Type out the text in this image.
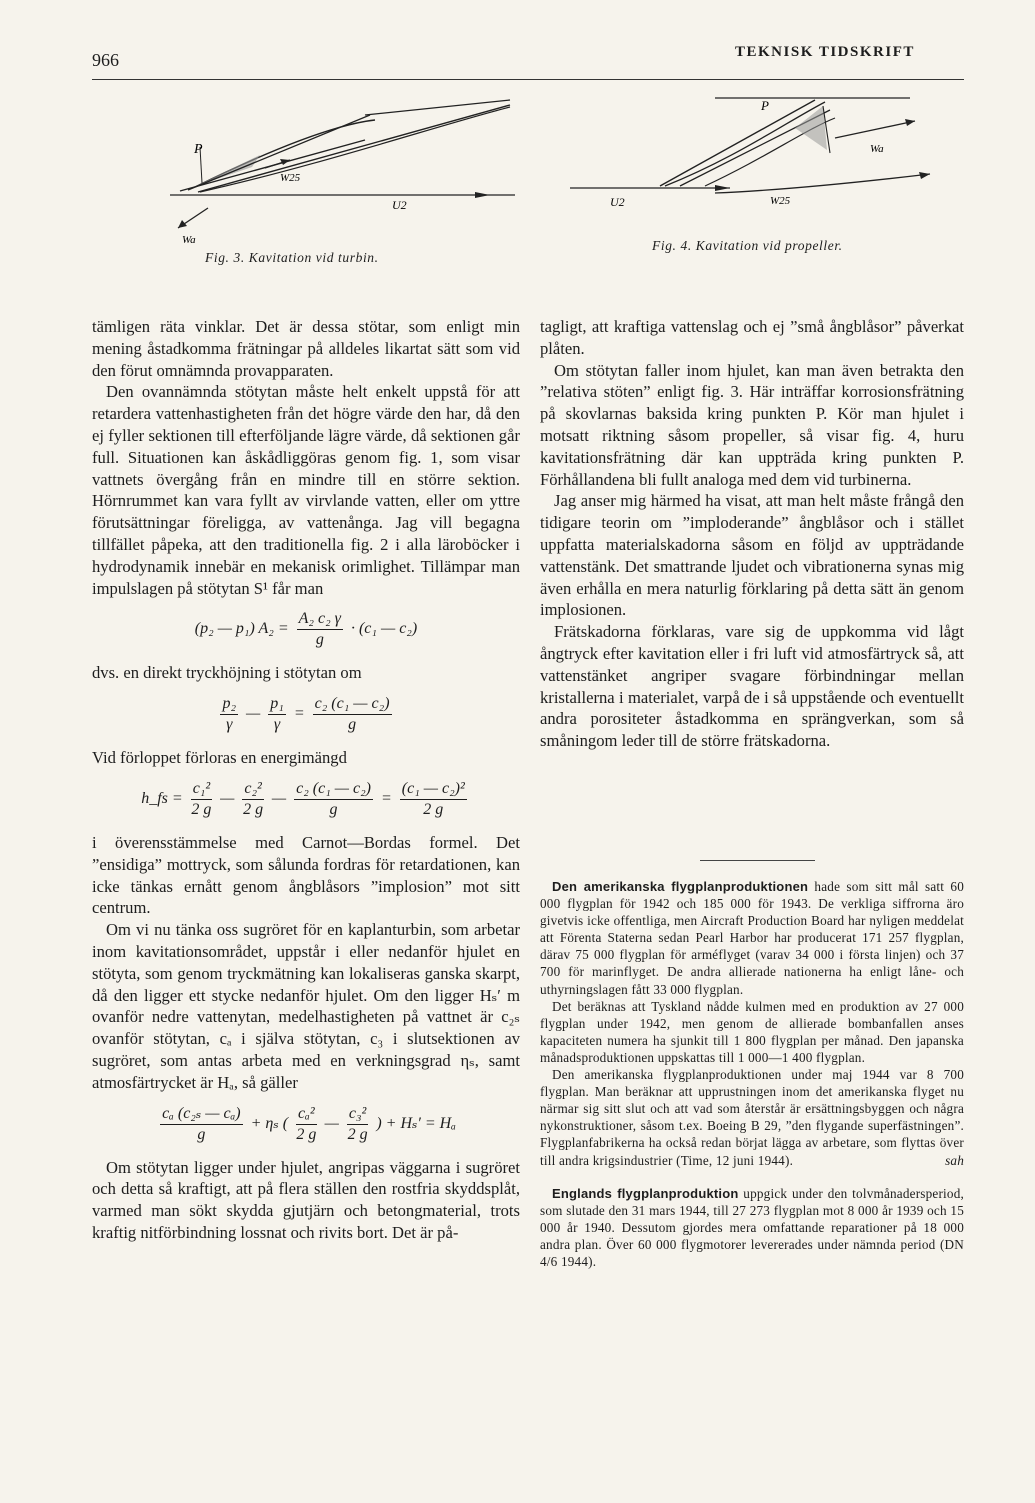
966	TEKNISK TIDSKRIFT
P
W25
U2
Wa
Fig. 3. Kavitation vid turbin.
P
Wa
U2	W25
Fig. 4. Kavitation vid propeller.

tämligen räta vinklar. Det är dessa stötar, som enligt min mening åstadkomma frätningar på alldeles likartat sätt som vid den förut omnämnda provapparaten.

Den ovannämnda stötytan måste helt enkelt uppstå för att retardera vattenhastigheten från det högre värde den har, då den ej fyller sektionen till efterföljande lägre värde, då sektionen går full. Situationen kan åskådliggöras genom fig. 1, som visar vattnets övergång från en mindre till en större sektion. Hörnrummet kan vara fyllt av virvlande vatten, eller om yttre förutsättningar föreligga, av vattenånga. Jag vill begagna tillfället påpeka, att den traditionella fig. 2 i alla läroböcker i hydrodynamik innebär en mekanisk orimlighet. Tillämpar man impulslagen på stötytan S¹ får man

(p₂ — p₁) $A_2 = \frac{\text{A₂ c₂ γ}}{g} \cdot (c_1$ — c₂)

dvs. en direkt tryckhöjning i stötytan om

$\frac{\text{p₂}}{\gamma}$ — $\frac{\text{p₁}}{\gamma} = \frac{\text{c₂ (c₁ — c₂)}}{g}$

Vid förloppet förloras en energimängd

h_fs = $\frac{\text{c₁²}}{2 g}$ — $\frac{\text{c₂²}}{2 g}$ — $\frac{\text{c₂ (c₁ — c₂)}}{g} = \frac{\text{(c₁ — c₂)²}}{2 g}$

i överensstämmelse med Carnot—Bordas formel. Det ”ensidiga” mottryck, som sålunda fordras för retardationen, kan icke tänkas ernått genom ångblåsors ”implosion” mot sitt centrum.

Om vi nu tänka oss sugröret för en kaplanturbin, som arbetar inom kavitationsområdet, uppstår i eller nedanför hjulet en stötyta, som genom tryckmätning kan lokaliseras ganska skarpt, då den ligger ett stycke nedanför hjulet. Om den ligger Hₛ′ m ovanför nedre vattenytan, medelhastigheten på vattnet är c₂ₛ ovanför stötytan, cₐ i själva stötytan, c₃ i slutsektionen av sugröret, som antas arbeta med en verkningsgrad ηₛ, samt atmosfärtrycket är Hₐ, så gäller

$\frac{\text{cₐ (c₂ₛ — cₐ)}}{g} + \eta_s$ ( $\frac{\text{cₐ²}}{2 g}$ — $\frac{\text{c₃²}}{2 g}$ ) + Hₛ′ = Hₐ

Om stötytan ligger under hjulet, angripas väggarna i sugröret och detta så kraftigt, att på flera ställen den rostfria skyddsplåt, varmed man sökt skydda gjutjärn och betongmaterial, trots kraftig nitförbindning lossnat och rivits bort. Det är på-

tagligt, att kraftiga vattenslag och ej ”små ångblåsor” påverkat plåten.

Om stötytan faller inom hjulet, kan man även betrakta den ”relativa stöten” enligt fig. 3. Här inträffar korrosionsfrätning på skovlarnas baksida kring punkten P. Kör man hjulet i motsatt riktning såsom propeller, så visar fig. 4, huru kavitationsfrätning där kan uppträda kring punkten P. Förhållandena bli fullt analoga med dem vid turbinerna.

Jag anser mig härmed ha visat, att man helt måste frångå den tidigare teorin om ”imploderande” ångblåsor och i stället uppfatta materialskadorna såsom en följd av uppträdande vattenstänk. Det smattrande ljudet och vibrationerna synas mig även erhålla en mera naturlig förklaring på detta sätt än genom implosionen.

Frätskadorna förklaras, vare sig de uppkomma vid lågt ångtryck efter kavitation eller i fri luft vid atmosfärtryck så, att vattenstänket angriper svagare förbindningar mellan kristallerna i materialet, varpå de i så uppstående och eventuellt andra porositeter åstadkomma en sprängverkan, som så småningom leder till de större frätskadorna.

Den amerikanska flygplanproduktionen hade som sitt mål satt 60 000 flygplan för 1942 och 185 000 för 1943. De verkliga siffrorna äro givetvis icke offentliga, men Aircraft Production Board har nyligen meddelat att Förenta Staterna sedan Pearl Harbor har producerat 171 257 flygplan, därav 75 000 flygplan för arméflyget (varav 34 000 i första linjen) och 37 700 för marinflyget. De andra allierade nationerna ha enligt låne- och uthyrningslagen fått 33 000 flygplan.

Det beräknas att Tyskland nådde kulmen med en produktion av 27 000 flygplan under 1942, men genom de allierade bombanfallen anses kapaciteten numera ha sjunkit till 1 800 flygplan per månad. Den japanska månadsproduktionen uppskattas till 1 000—1 400 flygplan.

Den amerikanska flygplanproduktionen under maj 1944 var 8 700 flygplan. Man beräknar att upprustningen inom det amerikanska flyget nu närmar sig sitt slut och att vad som återstår är ersättningsbyggen och några nykonstruktioner, såsom t.ex. Boeing B 29, ”den flygande superfästningen”. Flygplanfabrikerna ha också redan börjat lägga av arbetare, som flyttas över till andra krigsindustrier (Time, 12 juni 1944).	sah

Englands flygplanproduktion uppgick under den tolvmånadersperiod, som slutade den 31 mars 1944, till 27 273 flygplan mot 8 000 år 1939 och 15 000 år 1940. Dessutom gjordes mera omfattande reparationer på 18 000 andra plan. Över 60 000 flygmotorer levererades under nämnda period (DN 4/6 1944).
